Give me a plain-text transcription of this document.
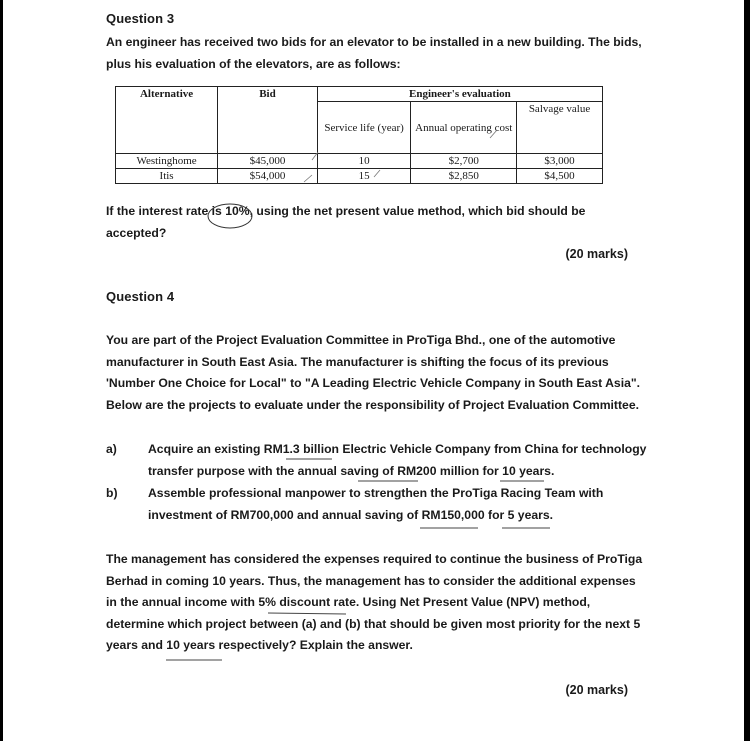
Question 3
An engineer has received two bids for an elevator to be installed in a new building. The bids,
plus his evaluation of the elevators, are as follows:
Alternative	Bid	Engineer's evaluation		
		Service life (year)	Annual operating cost	Salvage value
Westinghome	$45,000	10	$2,700	$3,000
Itis	$54,000	15	$2,850	$4,500
If the interest rate is 10%, using the net present value method, which bid should be
accepted?
(20 marks)
Question 4
You are part of the Project Evaluation Committee in ProTiga Bhd., one of the automotive
manufacturer in South East Asia. The manufacturer is shifting the focus of its previous
'Number One Choice for Local" to "A Leading Electric Vehicle Company in South East Asia".
Below are the projects to evaluate under the responsibility of Project Evaluation Committee.
a)	Acquire an existing RM1.3 billion Electric Vehicle Company from China for technology
transfer purpose with the annual saving of RM200 million for 10 years.
b) Assemble professional manpower to strengthen the ProTiga Racing Team with
investment of RM700,000 and annual saving of RM150,000 for 5 years.
The management has considered the expenses required to continue the business of ProTiga
Berhad in coming 10 years. Thus, the management has to consider the additional expenses
in the annual income with 5% discount rate. Using Net Present Value (NPV) method,
determine which project between (a) and (b) that should be given most priority for the next 5
years and 10 years respectively? Explain the answer.
(20 marks)
